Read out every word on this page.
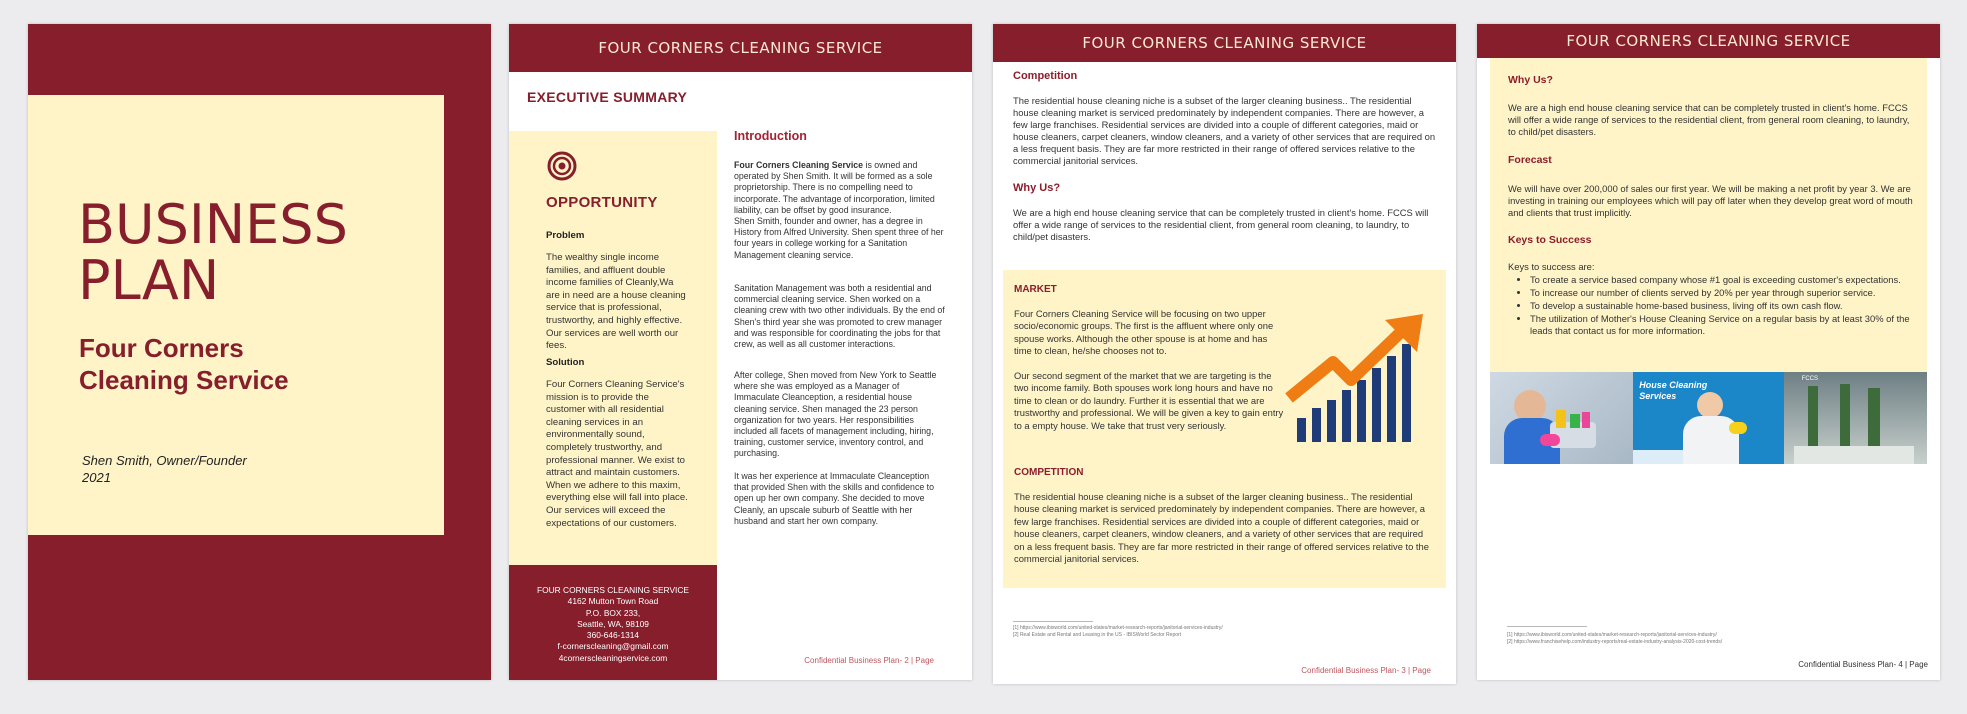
BUSINESS
PLAN
Four Corners
Cleaning Service
Shen Smith, Owner/Founder
2021
FOUR CORNERS CLEANING SERVICE
EXECUTIVE SUMMARY
OPPORTUNITY
Problem
The wealthy single income families, and affluent double income families of Cleanly,Wa are in need are a house cleaning service that is professional, trustworthy, and highly effective. Our services are well worth our fees.
Solution
Four Corners Cleaning Service's mission is to provide the customer with all residential cleaning services in an environmentally sound, completely trustworthy, and professional manner. We exist to attract and maintain customers. When we adhere to this maxim, everything else will fall into place. Our services will exceed the expectations of our customers.
FOUR CORNERS CLEANING SERVICE
4162 Mutton Town Road
P.O. BOX 233,
Seattle, WA, 98109
360-646-1314
f-cornerscleaning@gmail.com
4cornerscleaningservice.com
Introduction
Four Corners Cleaning Service is owned and operated by Shen Smith. It will be formed as a sole proprietorship. There is no compelling need to incorporate. The advantage of incorporation, limited liability, can be offset by good insurance.
Shen Smith, founder and owner, has a degree in History from Alfred University. Shen spent three of her four years in college working for a Sanitation Management cleaning service.
Sanitation Management was both a residential and commercial cleaning service. Shen worked on a cleaning crew with two other individuals. By the end of Shen's third year she was promoted to crew manager and was responsible for coordinating the jobs for that crew, as well as all customer interactions.
After college, Shen moved from New York to Seattle where she was employed as a Manager of Immaculate Cleanception, a residential house cleaning service. Shen managed the 23 person organization for two years. Her responsibilities included all facets of management including, hiring, training, customer service, inventory control, and purchasing.
It was her experience at Immaculate Cleanception that provided Shen with the skills and confidence to open up her own company. She decided to move Cleanly, an upscale suburb of Seattle with her husband and start her own company.
Confidential Business Plan- 2 | Page
FOUR CORNERS CLEANING SERVICE
Competition
The residential house cleaning niche is a subset of the larger cleaning business.. The residential house cleaning market is serviced predominately by independent companies. There are however, a few large franchises. Residential services are divided into a couple of different categories, maid or house cleaners, carpet cleaners, window cleaners, and a variety of other services that are required on a less frequent basis. They are far more restricted in their range of offered services relative to the commercial janitorial services.
Why Us?
We are a high end house cleaning service that can be completely trusted in client's home. FCCS will offer a wide range of services to the residential client, from general room cleaning, to laundry, to child/pet disasters.
MARKET
Four Corners Cleaning Service will be focusing on two upper socio/economic groups. The first is the affluent where only one spouse works. Although the other spouse is at home and has time to clean, he/she chooses not to.
Our second segment of the market that we are targeting is the two income family. Both spouses work long hours and have no time to clean or do laundry. Further it is essential that we are trustworthy and professional. We will be given a key to gain entry to a empty house. We take that trust very seriously.
COMPETITION
The residential house cleaning niche is a subset of the larger cleaning business.. The residential house cleaning market is serviced predominately by independent companies. There are however, a few large franchises. Residential services are divided into a couple of different categories, maid or house cleaners, carpet cleaners, window cleaners, and a variety of other services that are required on a less frequent basis. They are far more restricted in their range of offered services relative to the commercial janitorial services.
[1] https://www.ibisworld.com/united-states/market-research-reports/janitorial-services-industry/
[2] Real Estate and Rental and Leasing in the US - IBISWorld Sector Report
Confidential Business Plan- 3 | Page
FOUR CORNERS CLEANING SERVICE
Why Us?
We are a high end house cleaning service that can be completely trusted in client's home. FCCS will offer a wide range of services to the residential client, from general room cleaning, to laundry, to child/pet disasters.
Forecast
We will have over 200,000 of sales our first year. We will be making a net profit by year 3. We are investing in training our employees which will pay off later when they develop great word of mouth and clients that trust implicitly.
Keys to Success
Keys to success are:
• To create a service based company whose #1 goal is exceeding customer's expectations.
• To increase our number of clients served by 20% per year through superior service.
• To develop a sustainable home-based business, living off its own cash flow.
• The utilization of Mother's House Cleaning Service on a regular basis by at least 30% of the leads that contact us for more information.
House Cleaning Services
FCCS
[1] https://www.ibisworld.com/united-states/market-research-reports/janitorial-services-industry/
[2] https://www.franchisehelp.com/industry-reports/real-estate-industry-analysis-2020-cost-trends/
Confidential Business Plan- 4 | Page
